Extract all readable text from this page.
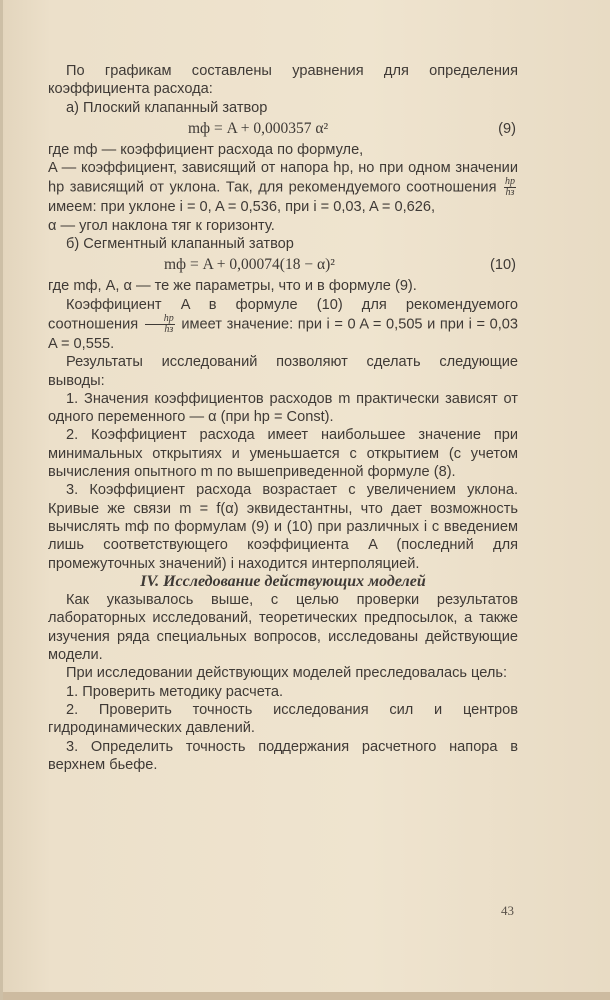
По графикам составлены уравнения для определения коэффициента расхода:

а) Плоский клапанный затвор

mф = A + 0,000357 α²	(9)

где mф — коэффициент расхода по формуле,

A — коэффициент, зависящий от напора hр, но при одном значении hр зависящий от уклона. Так, для рекомендуемого соотношения $\frac{hр}{hз}$
имеем: при уклоне i = 0, A = 0,536, при i = 0,03, A = 0,626,

α — угол наклона тяг к горизонту.

б) Сегментный клапанный затвор

mф = A + 0,00074(18 − α)²	(10)

где mф, A, α — те же параметры, что и в формуле (9).

Коэффициент A в формуле (10) для рекомендуемого соотношения $\frac{hр}{hз}$ имеет значение: при i = 0 A = 0,505 и при i = 0,03 A = 0,555.

Результаты исследований позволяют сделать следующие выводы:

1. Значения коэффициентов расходов m практически зависят от одного переменного — α (при hр = Const).

2. Коэффициент расхода имеет наибольшее значение при минимальных открытиях и уменьшается с открытием (с учетом вычисления опытного m по вышеприведенной формуле (8).

3. Коэффициент расхода возрастает с увеличением уклона. Кривые же связи m = f(α) эквидестантны, что дает возможность вычислять mф по формулам (9) и (10) при различных i с введением лишь соответствующего коэффициента A (последний для промежуточных значений) i находится интерполяцией.

IV. Исследование действующих моделей

Как указывалось выше, с целью проверки результатов лабораторных исследований, теоретических предпосылок, а также изучения ряда специальных вопросов, исследованы действующие модели.

При исследовании действующих моделей преследовалась цель:

1. Проверить методику расчета.

2. Проверить точность исследования сил и центров гидродинамических давлений.

3. Определить точность поддержания расчетного напора в верхнем бьефе.

43
